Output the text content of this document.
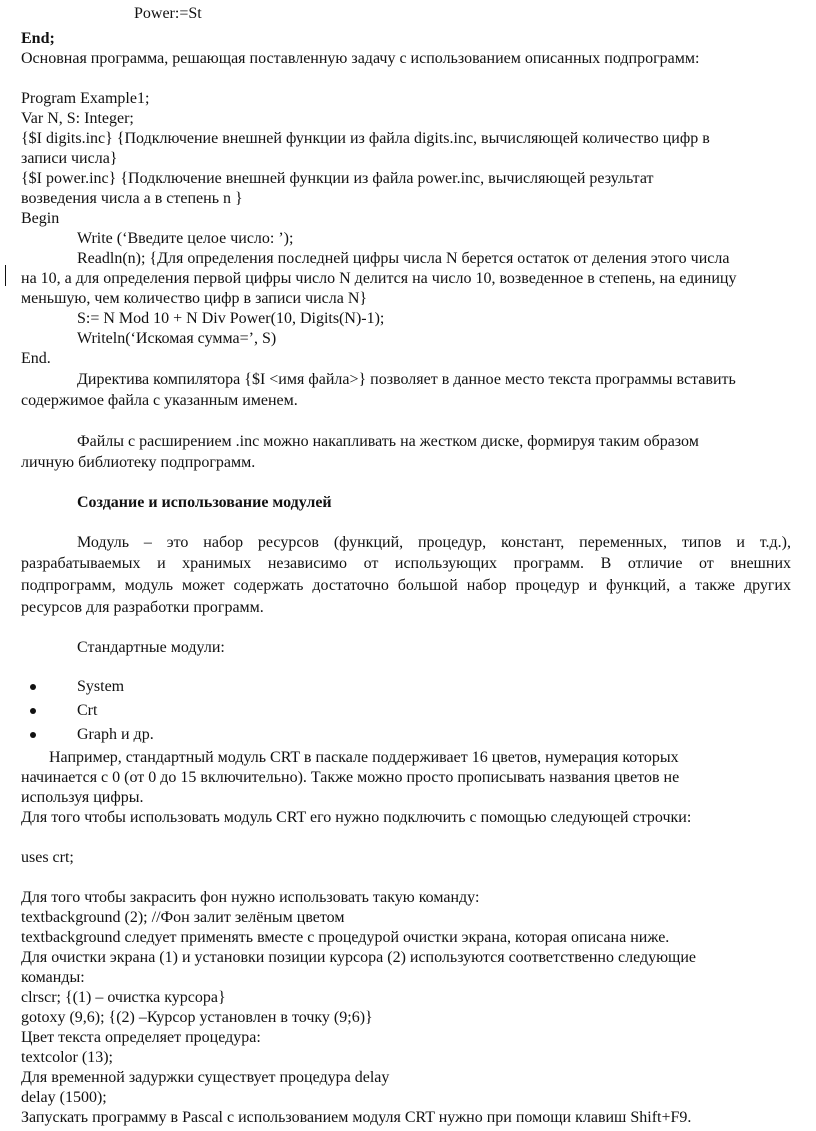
Power:=St

End;

Основная программа, решающая поставленную задачу с использованием описанных подпрограмм:

Program Example1;

Var N, S: Integer;

{$I digits.inc} {Подключение внешней функции из файла digits.inc, вычисляющей количество цифр в

записи числа}

{$I power.inc} {Подключение внешней функции из файла power.inc, вычисляющей результат

возведения числа a в степень n }

Begin

Write (‘Введите целое число: ’);

Readln(n); {Для определения последней цифры числа N берется остаток от деления этого числа

на 10, а для определения первой цифры число N делится на число 10, возведенное в степень, на единицу

меньшую, чем количество цифр в записи числа N}

S:= N Mod 10 + N Div Power(10, Digits(N)-1);

Writeln(‘Искомая сумма=’, S)

End.

Директива компилятора {$I <имя файла>} позволяет в данное место текста программы вставить

содержимое файла с указанным именем.

Файлы с расширением .inc можно накапливать на жестком диске, формируя таким образом

личную библиотеку подпрограмм.

Создание и использование модулей

Модуль – это набор ресурсов (функций, процедур, констант, переменных, типов и т.д.),

разрабатываемых и хранимых независимо от использующих программ. В отличие от внешних

подпрограмм, модуль может содержать достаточно большой набор процедур и функций, а также других

ресурсов для разработки программ.

Стандартные модули:

System

Crt

Graph и др.

Например, стандартный модуль CRT в паскале поддерживает 16 цветов, нумерация которых

начинается с 0 (от 0 до 15 включительно). Также можно просто прописывать названия цветов не

используя цифры.

Для того чтобы использовать модуль CRT его нужно подключить с помощью следующей строчки:

uses crt;

Для того чтобы закрасить фон нужно использовать такую команду:

textbackground (2); //Фон залит зелёным цветом

textbackground следует применять вместе с процедурой очистки экрана, которая описана ниже.

Для очистки экрана (1) и установки позиции курсора (2) используются соответственно следующие

команды:

clrscr; {(1) – очистка курсора}

gotoxy (9,6); {(2) –Курсор установлен в точку (9;6)}

Цвет текста определяет процедура:

textcolor (13);

Для временной задуржки существует процедура delay

delay (1500);

Запускать программу в Pascal с использованием модуля CRT нужно при помощи клавиш Shift+F9.
